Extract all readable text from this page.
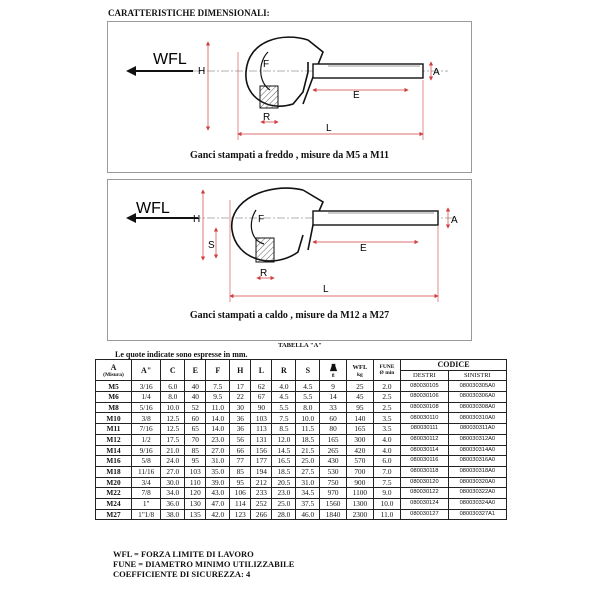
CARATTERISTICHE DIMENSIONALI:
WFL
H
F
E
A
R
L
Ganci stampati a freddo , misure da M5 a M11
WFL
H
S
F
E
A
R
L
Ganci stampati a caldo , misure da M12 a M27
TABELLA "A"
Le quote indicate sono espresse in mm.
A
(Misura)	A"	C	E	F	H	L	R	S	g	WFL
kg	FUNE
Ø min	CODICE	
												DESTRI	SINISTRI
M5	3/16	6.0	40	7.5	17	62	4.0	4.5	9	25	2.0	080030105	080030305A0
M6	1/4	8.0	40	9.5	22	67	4.5	5.5	14	45	2.5	080030106	080030306A0
M8	5/16	10.0	52	11.0	30	90	5.5	8.0	33	95	2.5	080030108	080030308A0
M10	3/8	12.5	60	14.0	36	103	7.5	10.0	60	140	3.5	080030110	080030310A0
M11	7/16	12.5	65	14.0	36	113	8.5	11.5	80	165	3.5	080030111	080030311A0
M12	1/2	17.5	70	23.0	56	131	12.0	18.5	165	300	4.0	080030112	080030312A0
M14	9/16	21.0	85	27.0	66	156	14.5	21.5	265	420	4.0	080030114	080030314A0
M16	5/8	24.0	95	31.0	77	177	16.5	25.0	430	570	6.0	080030116	080030316A0
M18	11/16	27.0	103	35.0	85	194	18.5	27.5	530	700	7.0	080030118	080030318A0
M20	3/4	30.0	110	39.0	95	212	20.5	31.0	750	900	7.5	080030120	080030320A0
M22	7/8	34.0	120	43.0	106	233	23.0	34.5	970	1100	9.0	080030122	080030322A0
M24	1"	36.0	130	47.0	114	252	25.0	37.5	1560	1300	10.0	080030124	080030324A0
M27	1"1/8	38.0	135	42.0	123	266	28.0	46.0	1840	2300	11.0	080030127	080030327A1
WFL = FORZA LIMITE DI LAVORO
FUNE = DIAMETRO MINIMO UTILIZZABILE
COEFFICIENTE DI SICUREZZA: 4
